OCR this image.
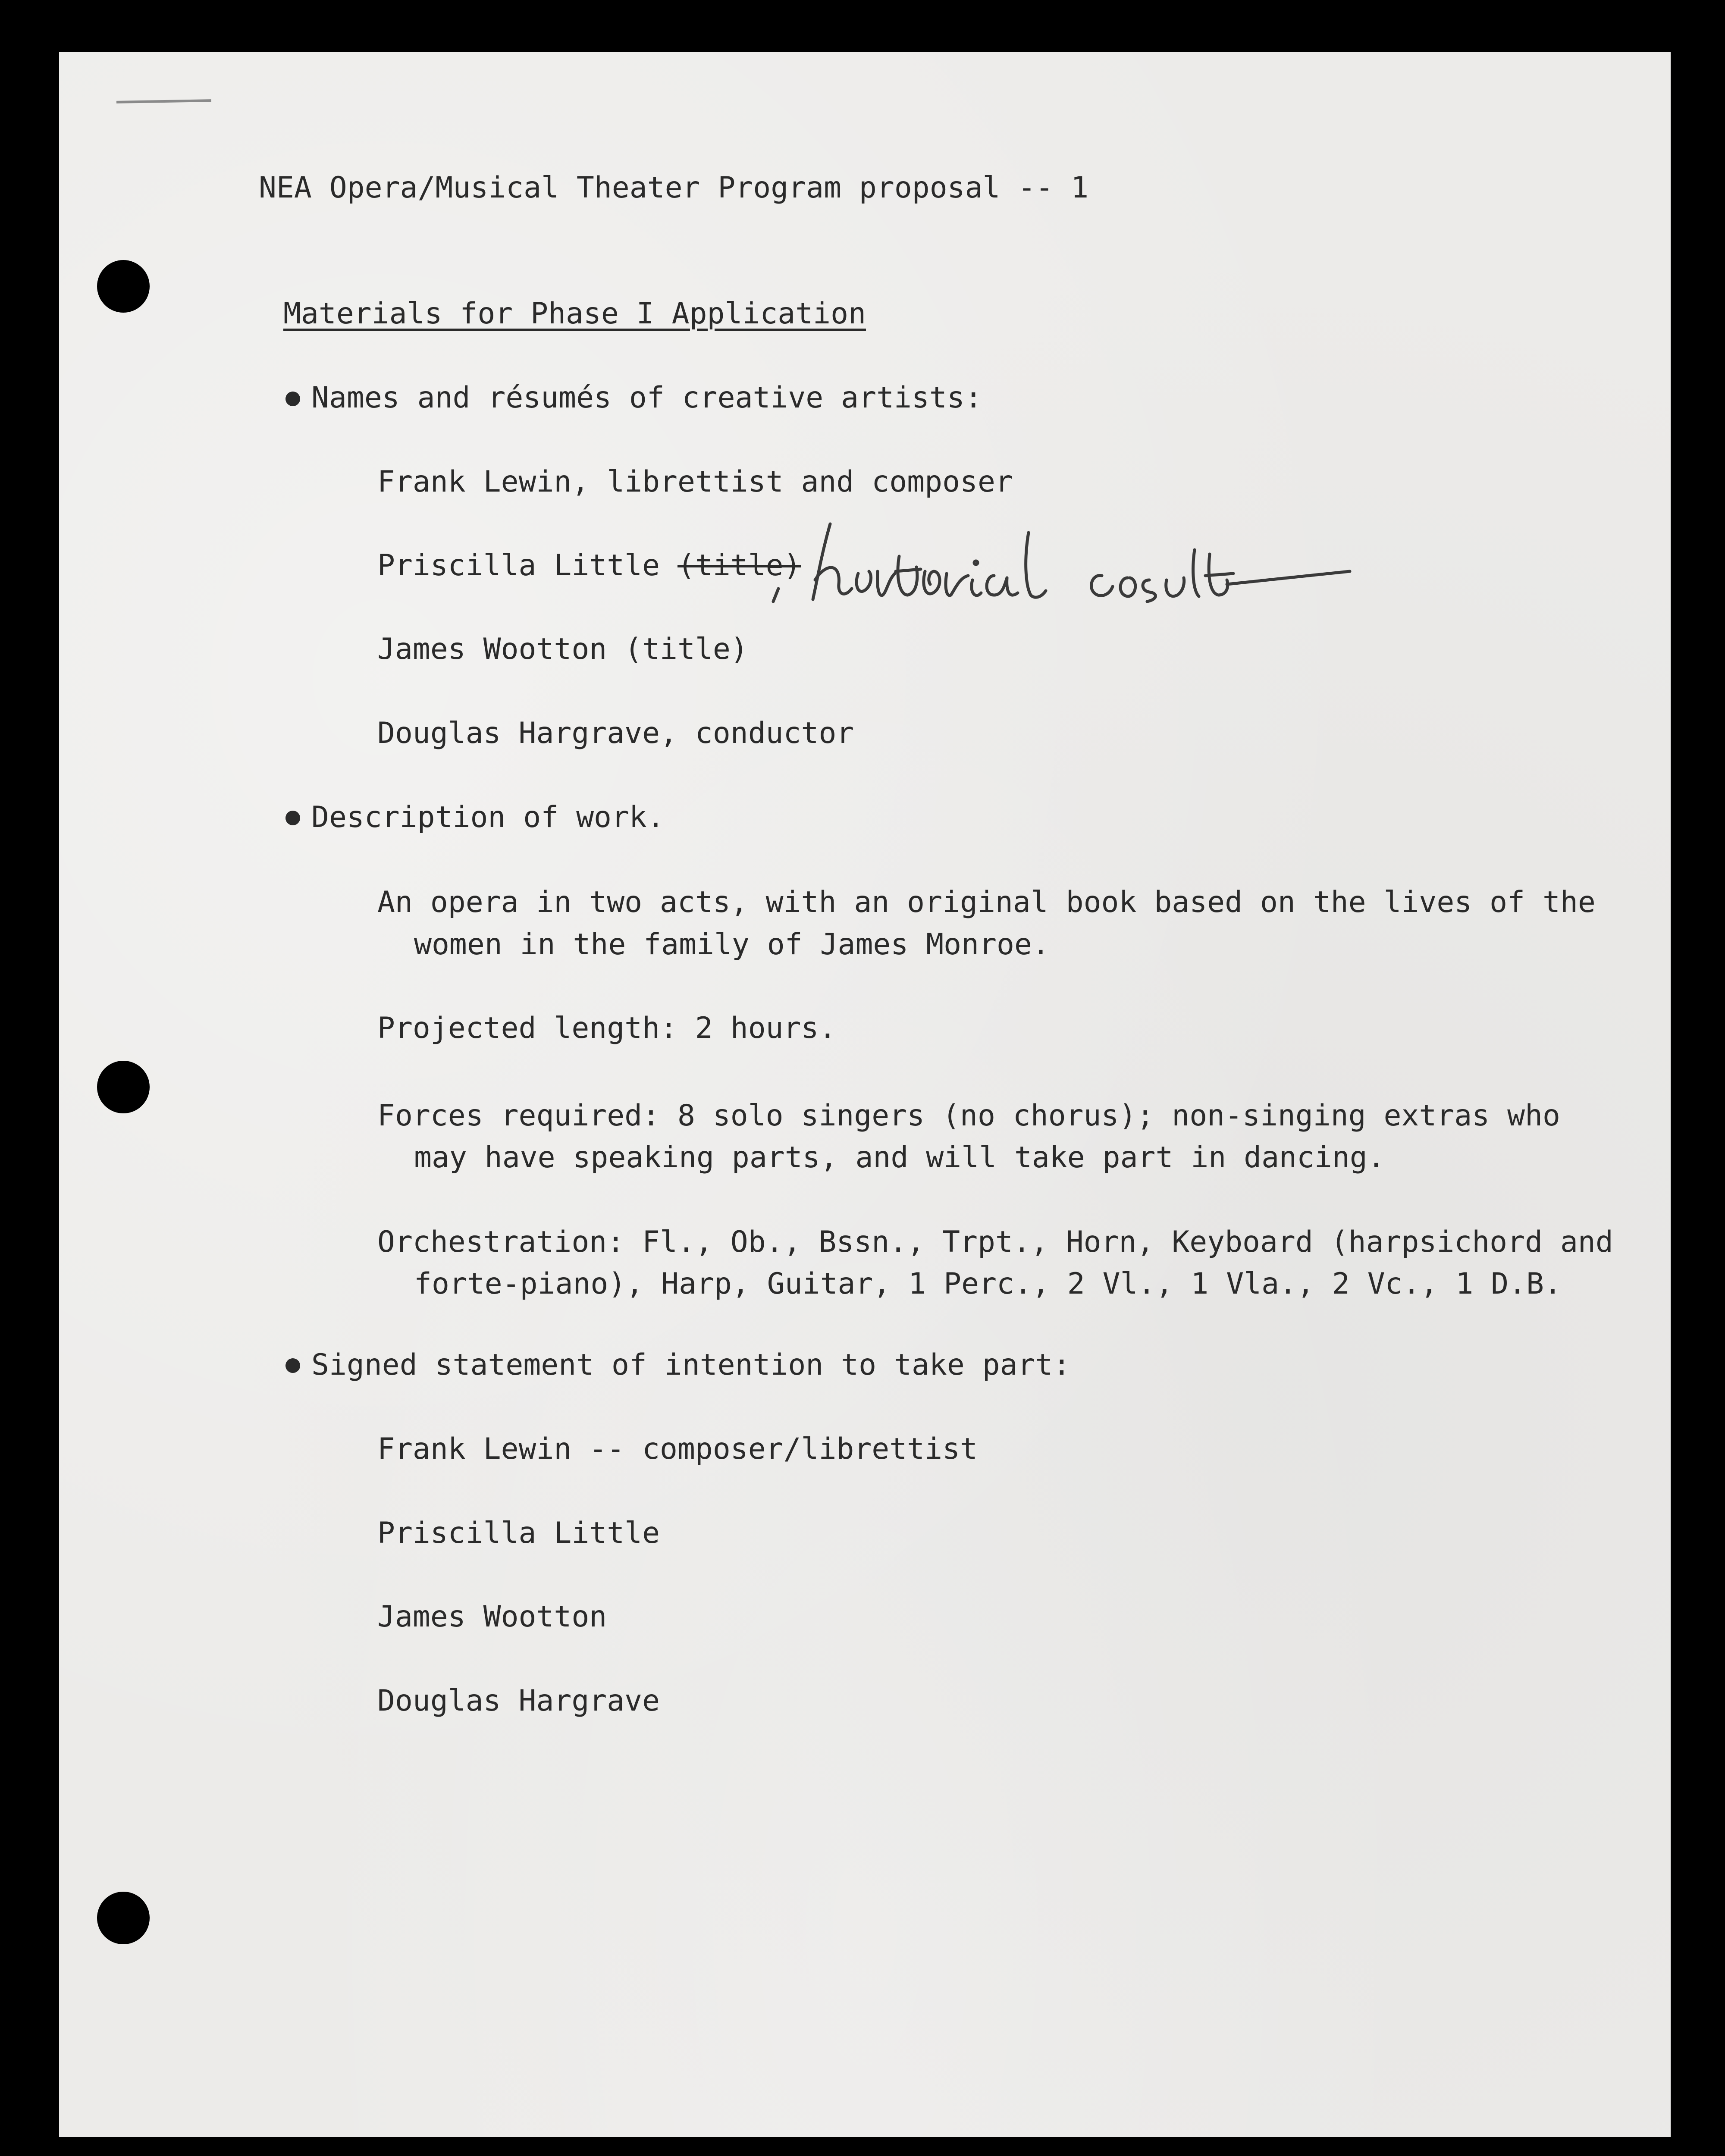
NEA Opera/Musical Theater Program proposal -- 1

Materials for Phase I Application

Names and résumés of creative artists:

Frank Lewin, librettist and composer

Priscilla Little (title)

James Wootton (title)

Douglas Hargrave, conductor

Description of work.

An opera in two acts, with an original book based on the lives of the

women in the family of James Monroe.

Projected length: 2 hours.

Forces required: 8 solo singers (no chorus); non-singing extras who

may have speaking parts, and will take part in dancing.

Orchestration: Fl., Ob., Bssn., Trpt., Horn, Keyboard (harpsichord and

forte-piano), Harp, Guitar, 1 Perc., 2 Vl., 1 Vla., 2 Vc., 1 D.B.

Signed statement of intention to take part:

Frank Lewin -- composer/librettist

Priscilla Little

James Wootton

Douglas Hargrave
